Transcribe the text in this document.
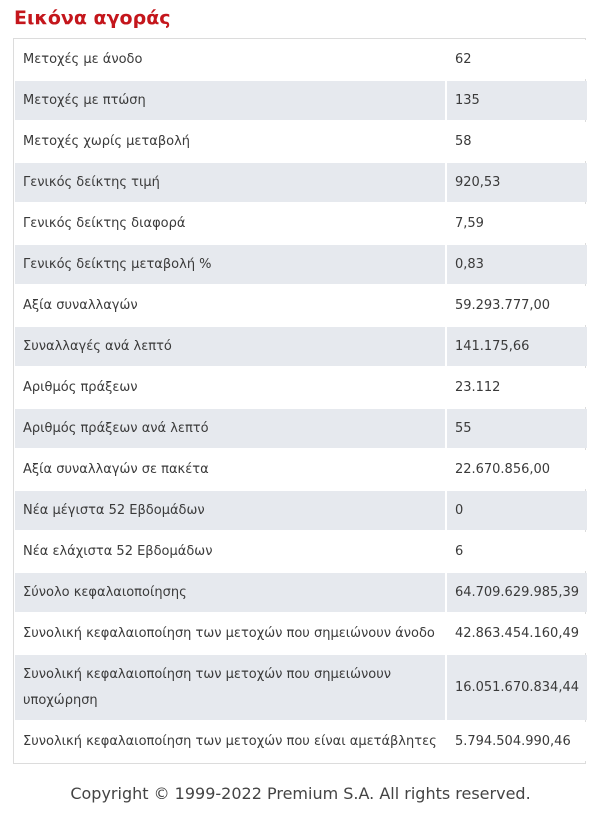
Εικόνα αγοράς
Μετοχές με άνοδο	62
Μετοχές με πτώση	135
Μετοχές χωρίς μεταβολή	58
Γενικός δείκτης τιμή	920,53
Γενικός δείκτης διαφορά	7,59
Γενικός δείκτης μεταβολή %	0,83
Αξία συναλλαγών	59.293.777,00
Συναλλαγές ανά λεπτό	141.175,66
Αριθμός πράξεων	23.112
Αριθμός πράξεων ανά λεπτό	55
Αξία συναλλαγών σε πακέτα	22.670.856,00
Νέα μέγιστα 52 Εβδομάδων	0
Νέα ελάχιστα 52 Εβδομάδων	6
Σύνολο κεφαλαιοποίησης	64.709.629.985,39
Συνολική κεφαλαιοποίηση των μετοχών που σημειώνουν άνοδο	42.863.454.160,49
Συνολική κεφαλαιοποίηση των μετοχών που σημειώνουν υποχώρηση	16.051.670.834,44
Συνολική κεφαλαιοποίηση των μετοχών που είναι αμετάβλητες	5.794.504.990,46
Copyright © 1999-2022 Premium S.A. All rights reserved.
